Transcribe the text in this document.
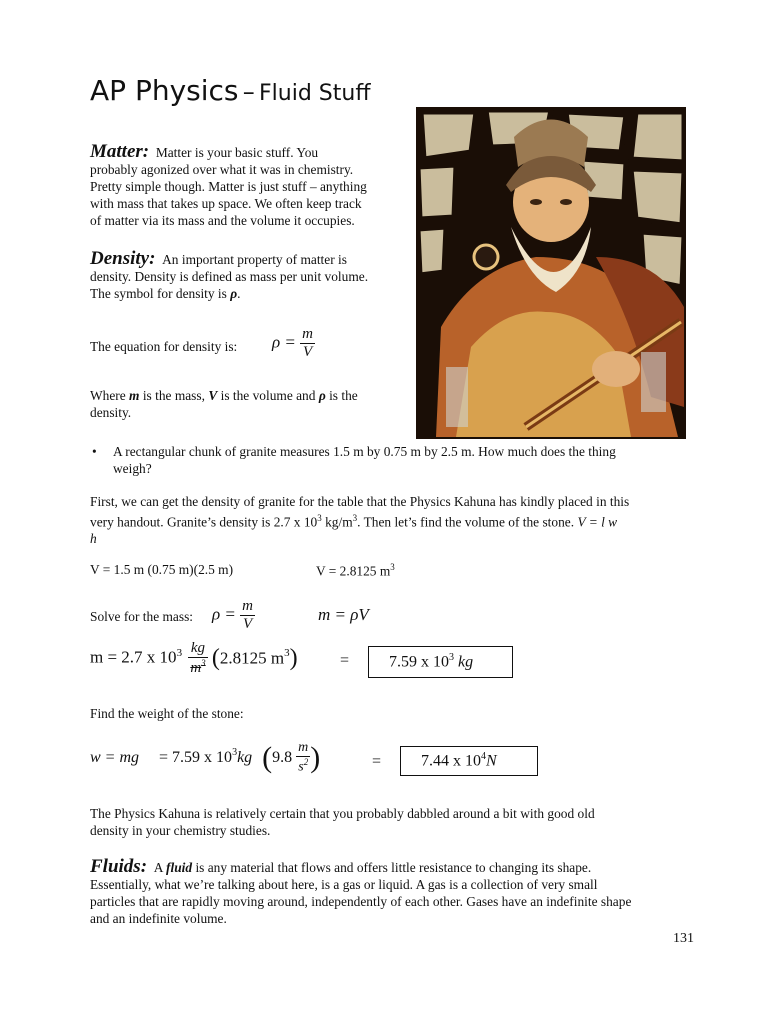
AP Physics – Fluid Stuff
Matter: Matter is your basic stuff. You
probably agonized over what it was in chemistry.
Pretty simple though. Matter is just stuff – anything
with mass that takes up space. We often keep track
of matter via its mass and the volume it occupies.
Density: An important property of matter is
density. Density is defined as mass per unit volume.
The symbol for density is ρ.
The equation for density is: $\rho = \frac{m}{V}$
Where m is the mass, V is the volume and ρ is the
density.
• A rectangular chunk of granite measures 1.5 m by 0.75 m by 2.5 m. How much does the thing
weigh?
First, we can get the density of granite for the table that the Physics Kahuna has kindly placed in this
very handout. Granite’s density is 2.7 x $10^3$ $kg/m^3$. Then let’s find the volume of the stone. V = l w
h
V = 1.5 m (0.75 m)(2.5 m)	V = 2.8125 $m^3$
Solve for the mass: $\rho = \frac{m}{V}$	m = ρV
m = 2.7 x $10^3 \frac{kg}{m^3} (2.8125$ $m^3$)	= 7.59 x $10^3$ kg
Find the weight of the stone:
w = mg = 7.59 x $10^3kg$ ($9.8 \frac{m}{s^2}$ )	= 7.44 x $10^4N$
The Physics Kahuna is relatively certain that you probably dabbled around a bit with good old
density in your chemistry studies.
Fluids: A fluid is any material that flows and offers little resistance to changing its shape.
Essentially, what we’re talking about here, is a gas or liquid. A gas is a collection of very small
particles that are rapidly moving around, independently of each other. Gases have an indefinite shape
and an indefinite volume.
131
